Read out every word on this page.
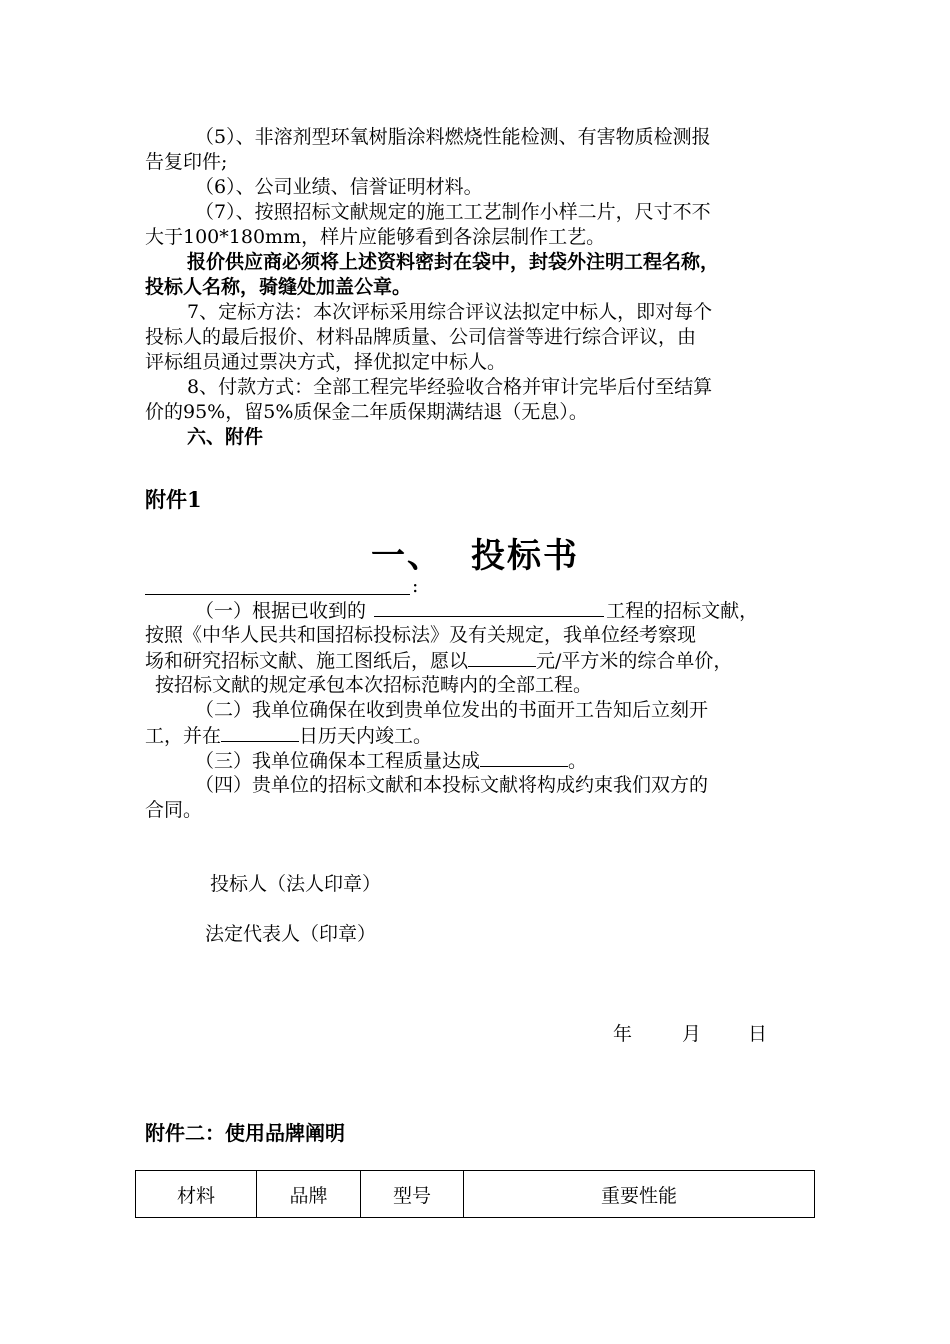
（5）、非溶剂型环氧树脂涂料燃烧性能检测、有害物质检测报
告复印件;
（6）、公司业绩、信誉证明材料。
（7）、按照招标文献规定的施工工艺制作小样二片，尺寸不不
大于100*180mm，样片应能够看到各涂层制作工艺。
报价供应商必须将上述资料密封在袋中，封袋外注明工程名称，
投标人名称，骑缝处加盖公章。
7、定标方法：本次评标采用综合评议法拟定中标人，即对每个
投标人的最后报价、材料品牌质量、公司信誉等进行综合评议，由
评标组员通过票决方式，择优拟定中标人。
8、付款方式：全部工程完毕经验收合格并审计完毕后付至结算
价的95%，留5%质保金二年质保期满结退（无息）。
六、附件
附件1
一、 投标书
:
（一）根据已收到的	工程的招标文献，
按照《中华人民共和国招标投标法》及有关规定，我单位经考察现
场和研究招标文献、施工图纸后，愿以	元/平方米的综合单价，
按招标文献的规定承包本次招标范畴内的全部工程。
（二）我单位确保在收到贵单位发出的书面开工告知后立刻开
工，并在	日历天内竣工。
（三）我单位确保本工程质量达成	。
（四）贵单位的招标文献和本投标文献将构成约束我们双方的
合同。
投标人（法人印章）
法定代表人（印章）
年	月	日
附件二：使用品牌阐明
材料	品牌	型号	重要性能
